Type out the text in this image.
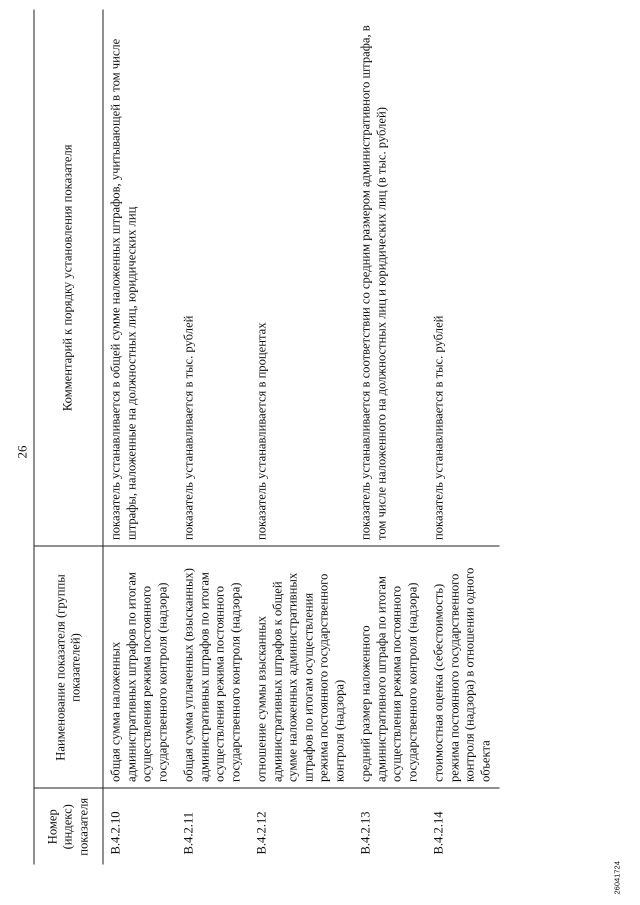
26
Номер (индекс) показателя	Наименование показателя (группы показателей)	Комментарий к порядку установления показателя
В.4.2.10	общая сумма наложенных административных штрафов по итогам осуществления режима постоянного государственного контроля (надзора)	показатель устанавливается в общей сумме наложенных штрафов, учитывающей в том числе штрафы, наложенные на должностных лиц, юридических лиц
В.4.2.11	общая сумма уплаченных (взысканных) административных штрафов по итогам осуществления режима постоянного государственного контроля (надзора)	показатель устанавливается в тыс. рублей
В.4.2.12	отношение суммы взысканных административных штрафов к общей сумме наложенных административных штрафов по итогам осуществления режима постоянного государственного контроля (надзора)	показатель устанавливается в процентах
В.4.2.13	средний размер наложенного административного штрафа по итогам осуществления режима постоянного государственного контроля (надзора)	показатель устанавливается в соответствии со средним размером административного штрафа, в том числе наложенного на должностных лиц и юридических лиц (в тыс. рублей)
В.4.2.14	стоимостная оценка (себестоимость) режима постоянного государственного контроля (надзора) в отношении одного объекта	показатель устанавливается в тыс. рублей
26041724
